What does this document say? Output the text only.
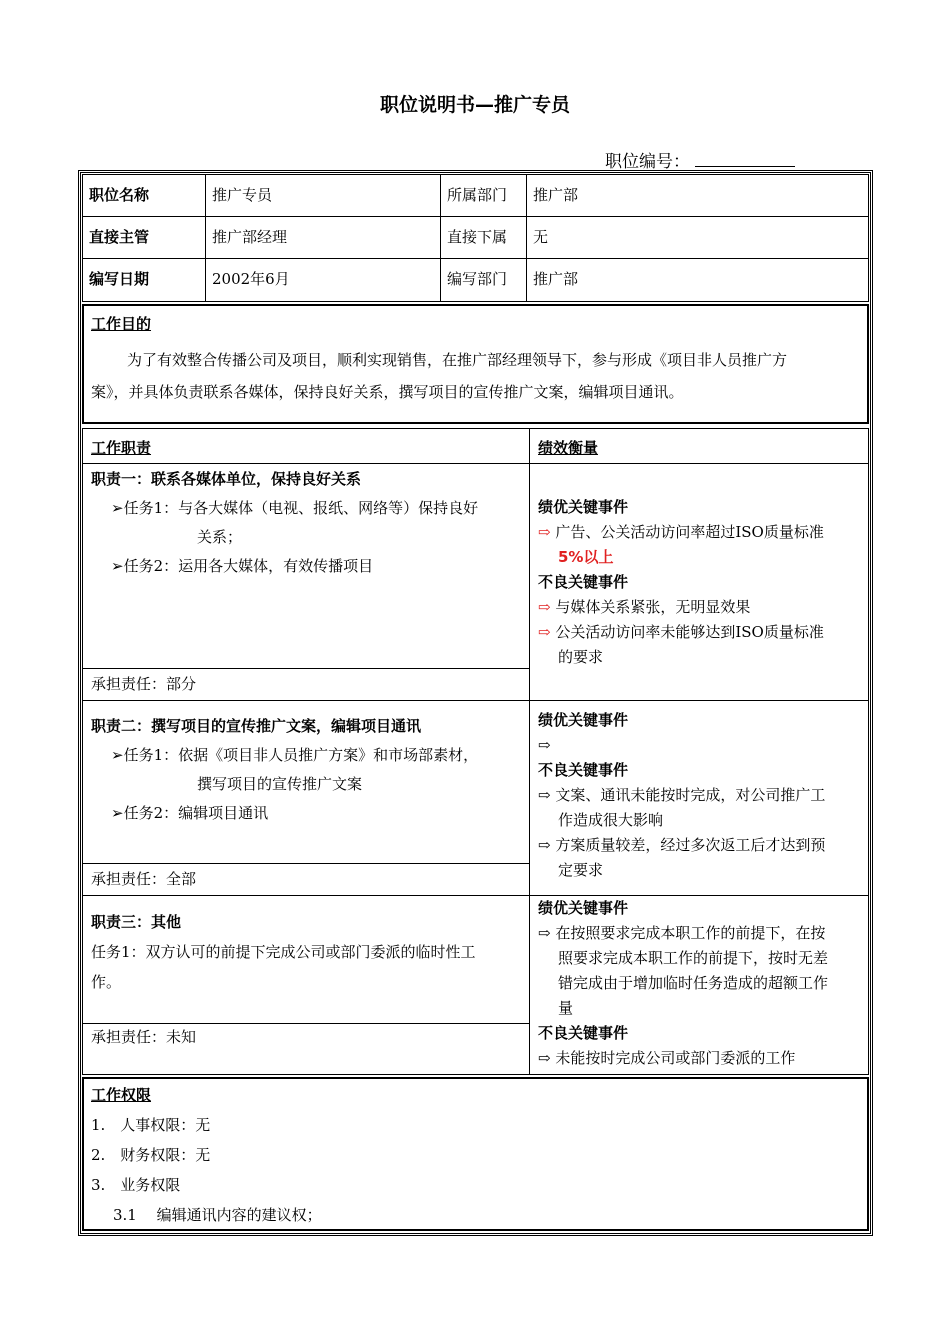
职位说明书—推广专员
职位编号：
职位名称	推广专员	所属部门	推广部
直接主管	推广部经理	直接下属	无
编写日期	2002年6月	编写部门	推广部
工作目的
为了有效整合传播公司及项目，顺利实现销售，在推广部经理领导下，参与形成《项目非人员推广方
案》，并具体负责联系各媒体，保持良好关系，撰写项目的宣传推广文案，编辑项目通讯。
工作职责	绩效衡量
职责一：联系各媒体单位，保持良好关系
➢任务1：与各大媒体（电视、报纸、网络等）保持良好
关系；
➢任务2：运用各大媒体，有效传播项目
承担责任：部分
绩优关键事件
⇨ 广告、公关活动访问率超过ISO质量标准
5%以上
不良关键事件
⇨ 与媒体关系紧张，无明显效果
⇨ 公关活动访问率未能够达到ISO质量标准
的要求
职责二：撰写项目的宣传推广文案，编辑项目通讯
➢任务1：依据《项目非人员推广方案》和市场部素材，
撰写项目的宣传推广文案
➢任务2：编辑项目通讯
承担责任：全部
绩优关键事件
⇨
不良关键事件
⇨ 文案、通讯未能按时完成，对公司推广工
作造成很大影响
⇨ 方案质量较差，经过多次返工后才达到预
定要求
职责三：其他
任务1：双方认可的前提下完成公司或部门委派的临时性工
作。
承担责任：未知
绩优关键事件
⇨ 在按照要求完成本职工作的前提下，在按
照要求完成本职工作的前提下，按时无差
错完成由于增加临时任务造成的超额工作
量
不良关键事件
⇨ 未能按时完成公司或部门委派的工作
工作权限
1.　人事权限：无
2.　财务权限：无
3.　业务权限
3.1　 编辑通讯内容的建议权；
